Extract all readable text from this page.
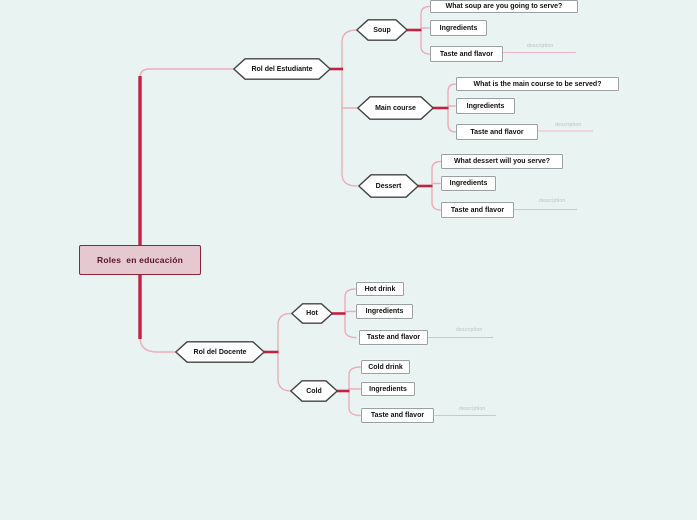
Roles  en educación
Rol del Estudiante
Rol del Docente
Soup
What soup are you going to serve?
Ingredients
Taste and flavor
description
Main course
What is the main course to be served?
Ingredients
Taste and flavor
description
Dessert
What dessert will you serve?
Ingredients
Taste and flavor
description
Hot
Hot drink
Ingredients
Taste and flavor
description
Cold
Cold drink
Ingredients
Taste and flavor
description
